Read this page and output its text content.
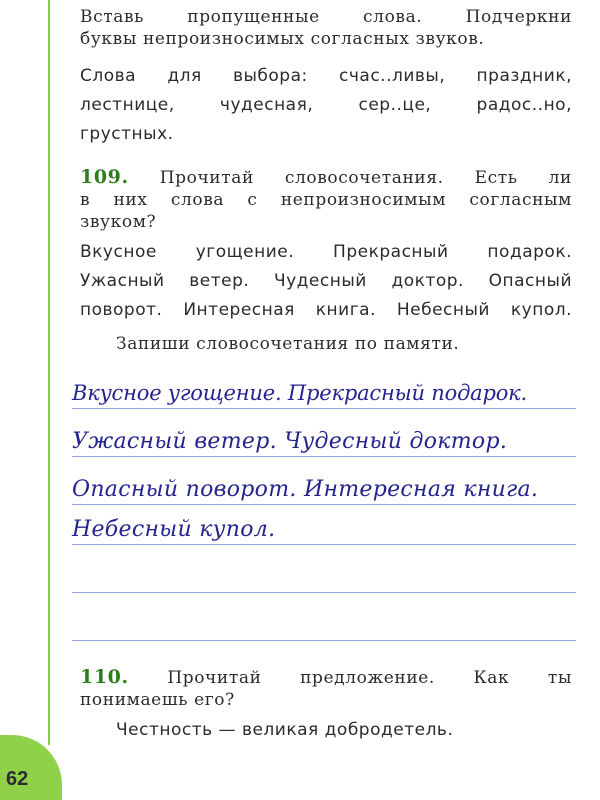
Вставь пропущенные слова. Подчеркни
буквы непроизносимых согласных звуков.
Слова для выбора: счас..ливы, праздник,
лестнице, чудесная, сер..це, радос..но,
грустных.
109. Прочитай словосочетания. Есть ли
в них слова с непроизносимым согласным
звуком?
Вкусное угощение. Прекрасный подарок.
Ужасный ветер. Чудесный доктор. Опасный
поворот. Интересная книга. Небесный купол.
Запиши словосочетания по памяти.
Вкусное угощение. Прекрасный подарок.
Ужасный ветер. Чудесный доктор.
Опасный поворот. Интересная книга.
Небесный купол.
110. Прочитай предложение. Как ты
понимаешь его?
Честность — великая добродетель.
62
